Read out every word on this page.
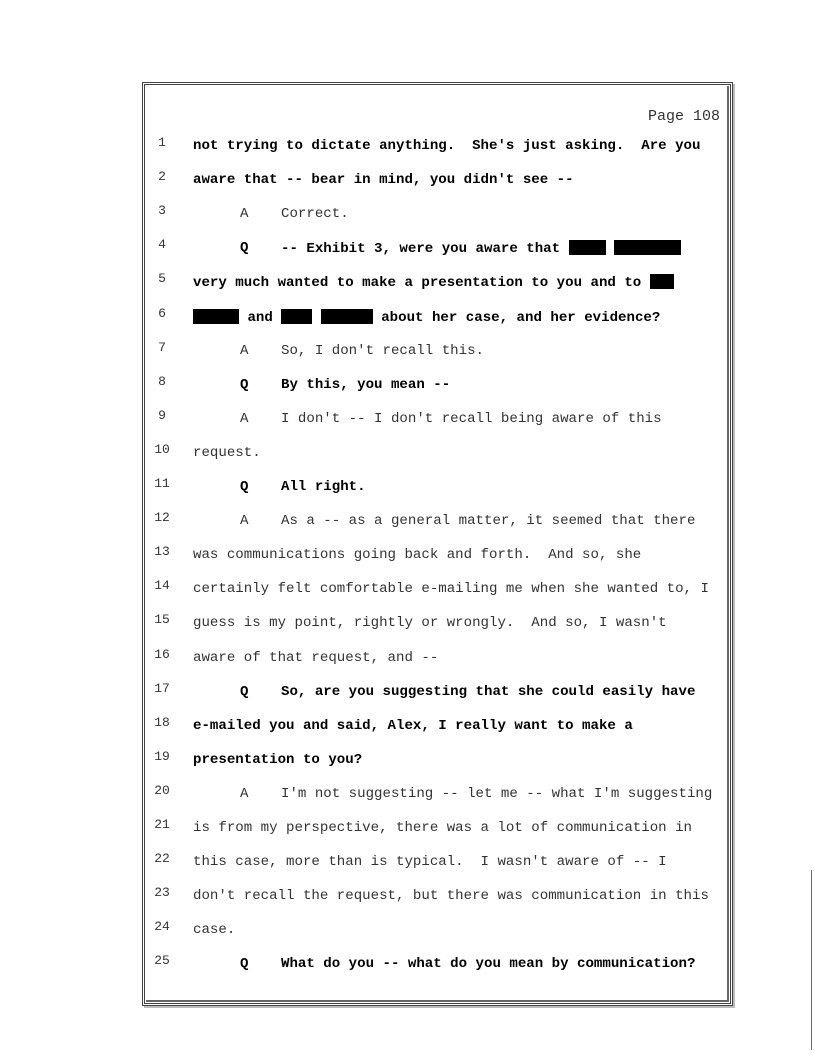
Page 108
1	not trying to dictate anything.  She's just asking.  Are you
2	aware that -- bear in mind, you didn't see --
3	A Correct.
4	Q -- Exhibit 3, were you aware that
5	very much wanted to make a presentation to you and to
6	and	about her case, and her evidence?
7	A So, I don't recall this.
8	Q By this, you mean --
9	A I don't -- I don't recall being aware of this
10 request.
11	Q All right.
12	A As a -- as a general matter, it seemed that there
13 was communications going back and forth.  And so, she
14 certainly felt comfortable e-mailing me when she wanted to, I
15 guess is my point, rightly or wrongly.  And so, I wasn't
16 aware of that request, and --
17	Q So, are you suggesting that she could easily have
18 e-mailed you and said, Alex, I really want to make a
19 presentation to you?
20	A I'm not suggesting -- let me -- what I'm suggesting
21 is from my perspective, there was a lot of communication in
22 this case, more than is typical.  I wasn't aware of -- I
23 don't recall the request, but there was communication in this
24 case.
25	Q What do you -- what do you mean by communication?
